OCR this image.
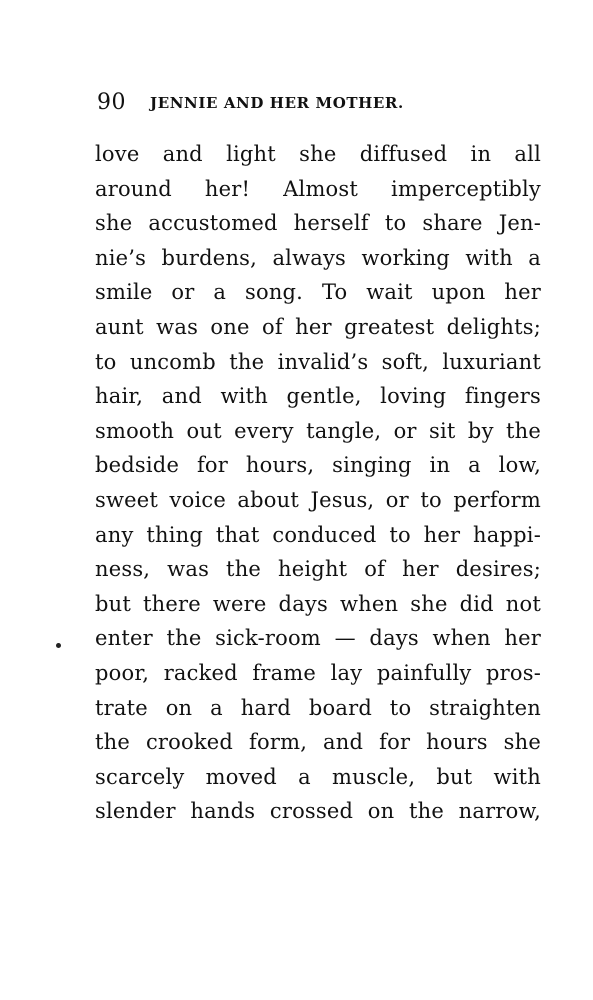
90 JENNIE AND HER MOTHER.
love and light she diffused in all
around her! Almost imperceptibly
she accustomed herself to share Jen-
nie’s burdens, always working with a
smile or a song. To wait upon her
aunt was one of her greatest delights;
to uncomb the invalid’s soft, luxuriant
hair, and with gentle, loving fingers
smooth out every tangle, or sit by the
bedside for hours, singing in a low,
sweet voice about Jesus, or to perform
any thing that conduced to her happi-
ness, was the height of her desires;
but there were days when she did not
enter the sick-room — days when her
poor, racked frame lay painfully pros-
trate on a hard board to straighten
the crooked form, and for hours she
scarcely moved a muscle, but with
slender hands crossed on the narrow,
